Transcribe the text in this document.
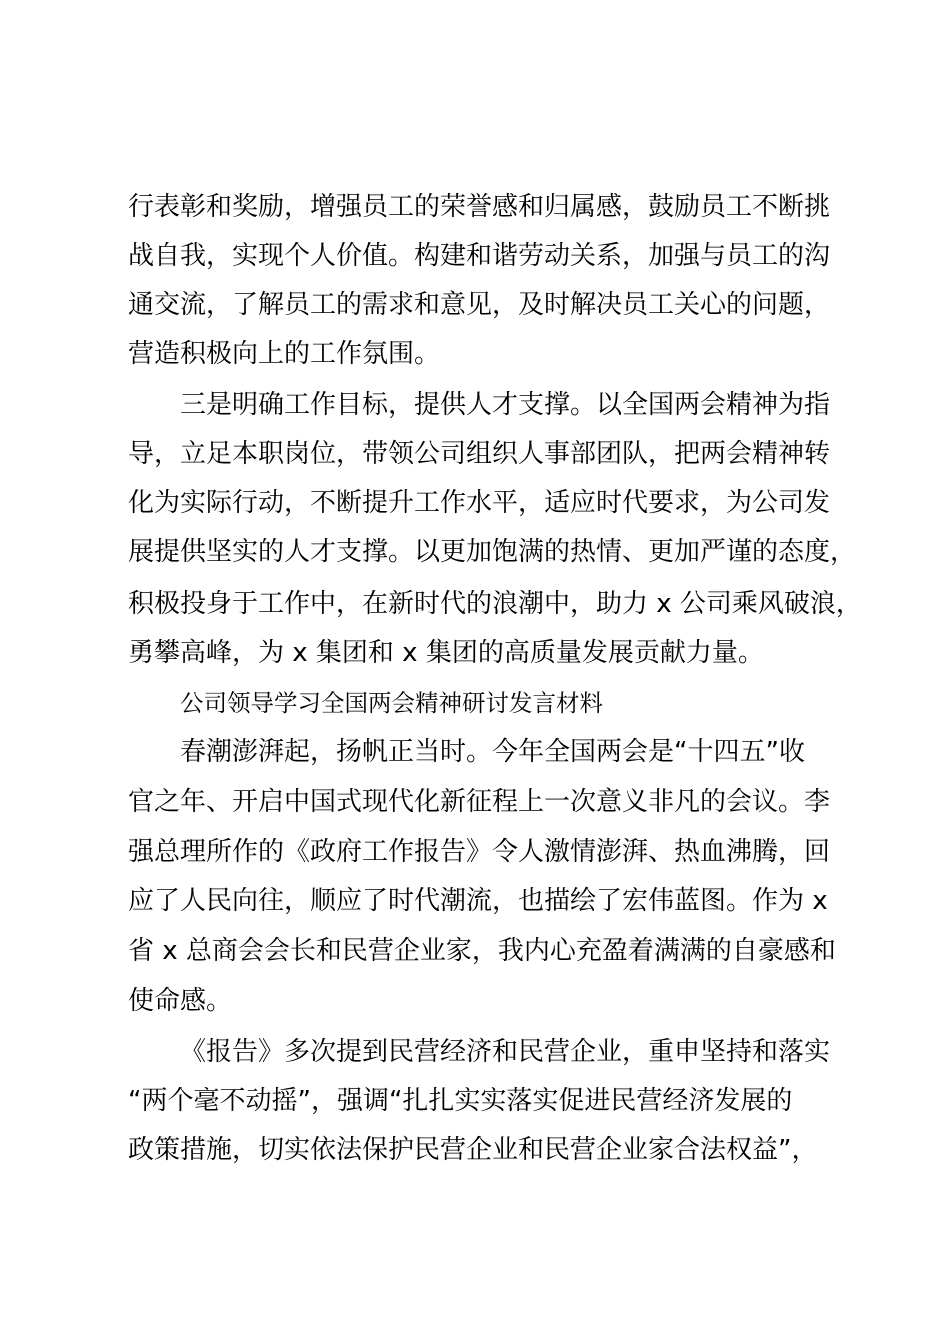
行表彰和奖励，增强员工的荣誉感和归属感，鼓励员工不断挑
战自我，实现个人价值。构建和谐劳动关系，加强与员工的沟
通交流，了解员工的需求和意见，及时解决员工关心的问题，
营造积极向上的工作氛围。
三是明确工作目标，提供人才支撑。以全国两会精神为指
导，立足本职岗位，带领公司组织人事部团队，把两会精神转
化为实际行动，不断提升工作水平，适应时代要求，为公司发
展提供坚实的人才支撑。以更加饱满的热情、更加严谨的态度，
积极投身于工作中，在新时代的浪潮中，助力 x 公司乘风破浪，
勇攀高峰，为 x 集团和 x 集团的高质量发展贡献力量。
公司领导学习全国两会精神研讨发言材料
春潮澎湃起，扬帆正当时。今年全国两会是“十四五”收
官之年、开启中国式现代化新征程上一次意义非凡的会议。李
强总理所作的《政府工作报告》令人激情澎湃、热血沸腾，回
应了人民向往，顺应了时代潮流，也描绘了宏伟蓝图。作为 x
省 x 总商会会长和民营企业家，我内心充盈着满满的自豪感和
使命感。
《报告》多次提到民营经济和民营企业，重申坚持和落实
“两个毫不动摇”，强调“扎扎实实落实促进民营经济发展的
政策措施，切实依法保护民营企业和民营企业家合法权益”，
